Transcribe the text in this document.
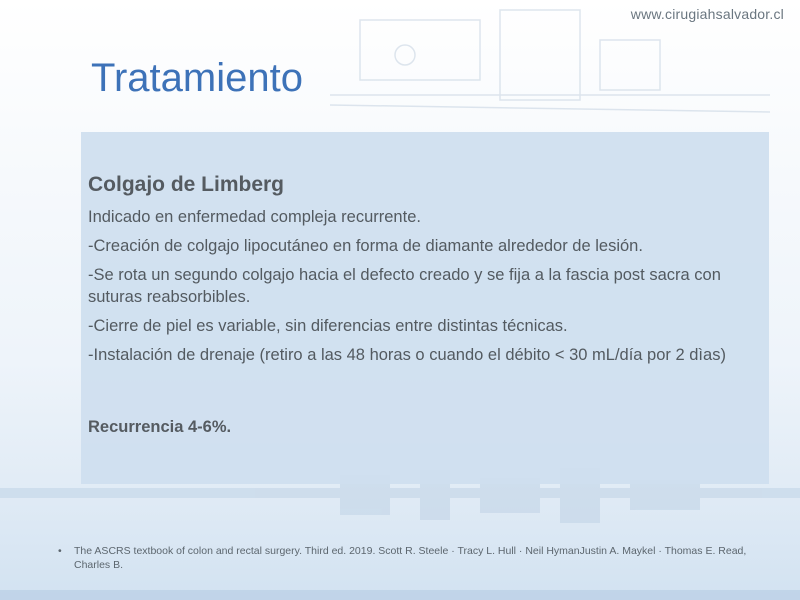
www.cirugiahsalvador.cl
Tratamiento
Colgajo de Limberg

Indicado en enfermedad compleja recurrente.

-Creación de colgajo lipocutáneo en forma de diamante alrededor de lesión.

-Se rota un segundo colgajo hacia el defecto creado y se fija a la fascia post sacra con suturas reabsorbibles.

-Cierre de piel es variable, sin diferencias entre distintas técnicas.

-Instalación de drenaje (retiro a las 48 horas o cuando el débito < 30 mL/día por 2 dìas)

Recurrencia 4-6%.
•	The ASCRS textbook of colon and rectal surgery. Third ed. 2019. Scott R. Steele · Tracy L. Hull · Neil HymanJustin A. Maykel · Thomas E. Read, Charles B.
